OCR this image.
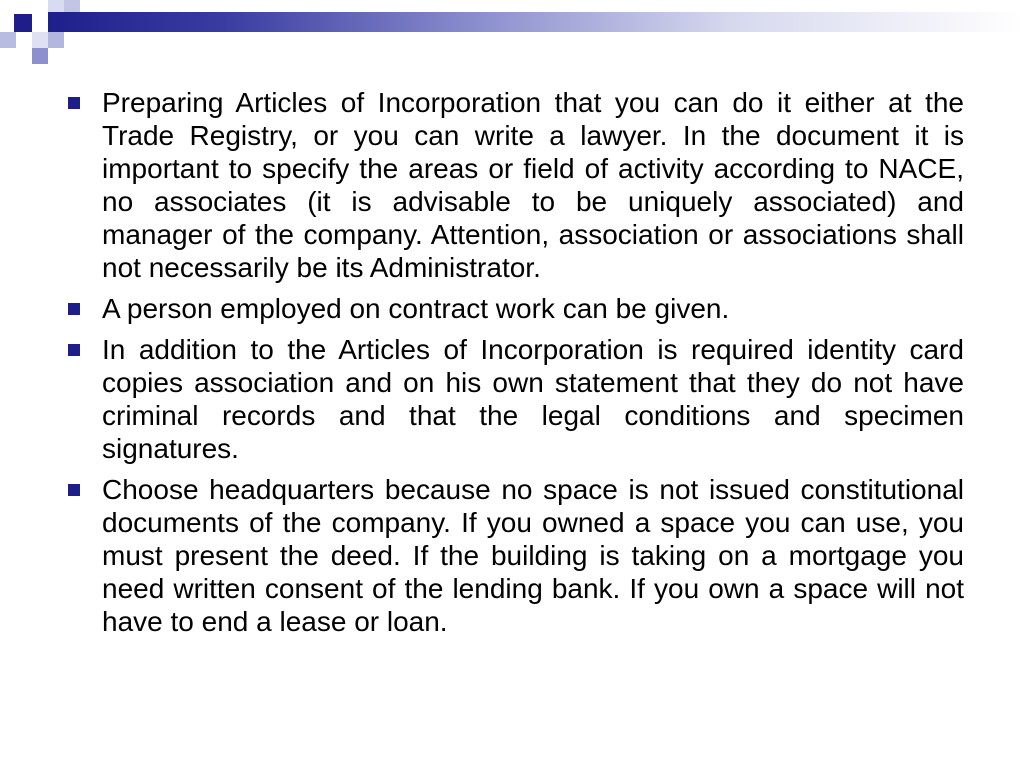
Preparing Articles of Incorporation that you can do it either at the Trade Registry, or you can write a lawyer. In the document it is important to specify the areas or field of activity according to NACE, no associates (it is advisable to be uniquely associated) and manager of the company. Attention, association or associations shall not necessarily be its Administrator.
A person employed on contract work can be given.
In addition to the Articles of Incorporation is required identity card copies association and on his own statement that they do not have criminal records and that the legal conditions and specimen signatures.
Choose headquarters because no space is not issued constitutional documents of the company. If you owned a space you can use, you must present the deed. If the building is taking on a mortgage you need written consent of the lending bank. If you own a space will not have to end a lease or loan.
